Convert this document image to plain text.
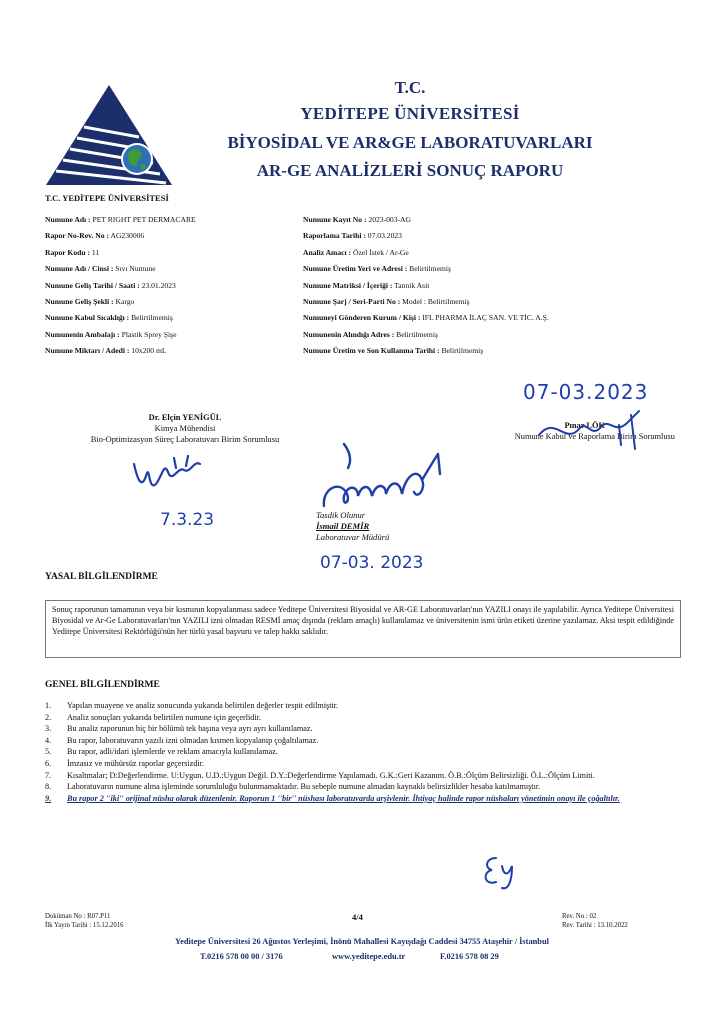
T.C.
YEDİTEPE ÜNİVERSİTESİ
BİYOSİDAL VE AR&GE LABORATUVARLARI
AR-GE ANALİZLERİ SONUÇ RAPORU
T.C. YEDİTEPE ÜNİVERSİTESİ
Numune Adı : PET RIGHT PET DERMACARE
Rapor No-Rev. No : AG230006
Rapor Kodu : 11
Numune Adı / Cinsi : Sıvı Numune
Numune Geliş Tarihi / Saati : 23.01.2023
Numune Geliş Şekli : Kargo
Numune Kabul Sıcaklığı : Belirtilmemiş
Numunenin Ambalajı : Plastik Sprey Şişe
Numune Miktarı / Adedi : 10x200 mL
Numune Kayıt No : 2023-003-AG
Raporlama Tarihi : 07.03.2023
Analiz Amacı : Özel İstek / Ar-Ge
Numune Üretim Yeri ve Adresi : Belirtilmemiş
Numune Matriksi / İçeriği : Tannik Asit
Numune Şarj / Seri-Parti No : Model : Belirtilmemiş
Numuneyi Gönderen Kurum / Kişi : IFL PHARMA İLAÇ SAN. VE TİC. A.Ş.
Numunenin Alındığı Adres : Belirtilmemiş
Numune Üretim ve Son Kullanma Tarihi : Belirtilmemiş
Dr. Elçin YENİGÜL
Kimya Mühendisi
Bio-Optimizasyon Süreç Laboratuvarı Birim Sorumlusu
7.3.23
07-03.2023
Pınar LÖK
Numune Kabul ve Raporlama Birim Sorumlusu
Tasdik Olunur
İsmail DEMİR
Laboratuvar Müdürü
07-03. 2023
YASAL BİLGİLENDİRME
Sonuç raporunun tamamının veya bir kısmının kopyalanması sadece Yeditepe Üniversitesi Biyosidal ve AR-GE Laboratuvarları'nın YAZILI onayı ile yapılabilir. Ayrıca Yeditepe Üniversitesi Biyosidal ve Ar-Ge Laboratuvarları'nın YAZILI izni olmadan RESMİ amaç dışında (reklam amaçlı) kullanılamaz ve üniversitenin ismi ürün etiketi üzerine yazılamaz. Aksi tespit edildiğinde Yeditepe Üniversitesi Rektörlüğü'nün her türlü yasal başvuru ve talep hakkı saklıdır.
GENEL BİLGİLENDİRME
1.	Yapılan muayene ve analiz sonucunda yukarıda belirtilen değerler tespit edilmiştir.
2.	Analiz sonuçları yukarıda belirtilen numune için geçerlidir.
3.	Bu analiz raporunun hiç bir bölümü tek başına veya ayrı ayrı kullanılamaz.
4.	Bu rapor, laboratuvarın yazılı izni olmadan kısmen kopyalanıp çoğaltılamaz.
5.	Bu rapor, adli/idari işlemlerde ve reklam amacıyla kullanılamaz.
6.	İmzasız ve mühürsüz raporlar geçersizdir.
7.	Kısaltmalar; D:Değerlendirme. U:Uygun. U.D.:Uygun Değil. D.Y.:Değerlendirme Yapılamadı. G.K.:Geri Kazanım. Ö.B.:Ölçüm Belirsizliği. Ö.L.:Ölçüm Limiti.
8.	Laboratuvarın numune alma işleminde sorumluluğu bulunmamaktadır. Bu sebeple numune almadan kaynaklı belirsizlikler hesaba katılmamıştır.
9.	Bu rapor 2 ''iki'' orijinal nüsha olarak düzenlenir. Raporun 1 ''bir'' nüshası laboratuvarda arşivlenir. İhtiyaç halinde rapor nüshaları yönetimin onayı ile çoğaltılır.
Doküman No : R07.P11
İlk Yayın Tarihi : 15.12.2016
4/4	Rev. No : 02
Rev. Tarihi : 13.10.2022
Yeditepe Üniversitesi 26 Ağustos Yerleşimi, İnönü Mahallesi Kayışdağı Caddesi 34755 Ataşehir / İstanbul
T.0216 578 00 00 / 3176	www.yeditepe.edu.tr	F.0216 578 08 29
